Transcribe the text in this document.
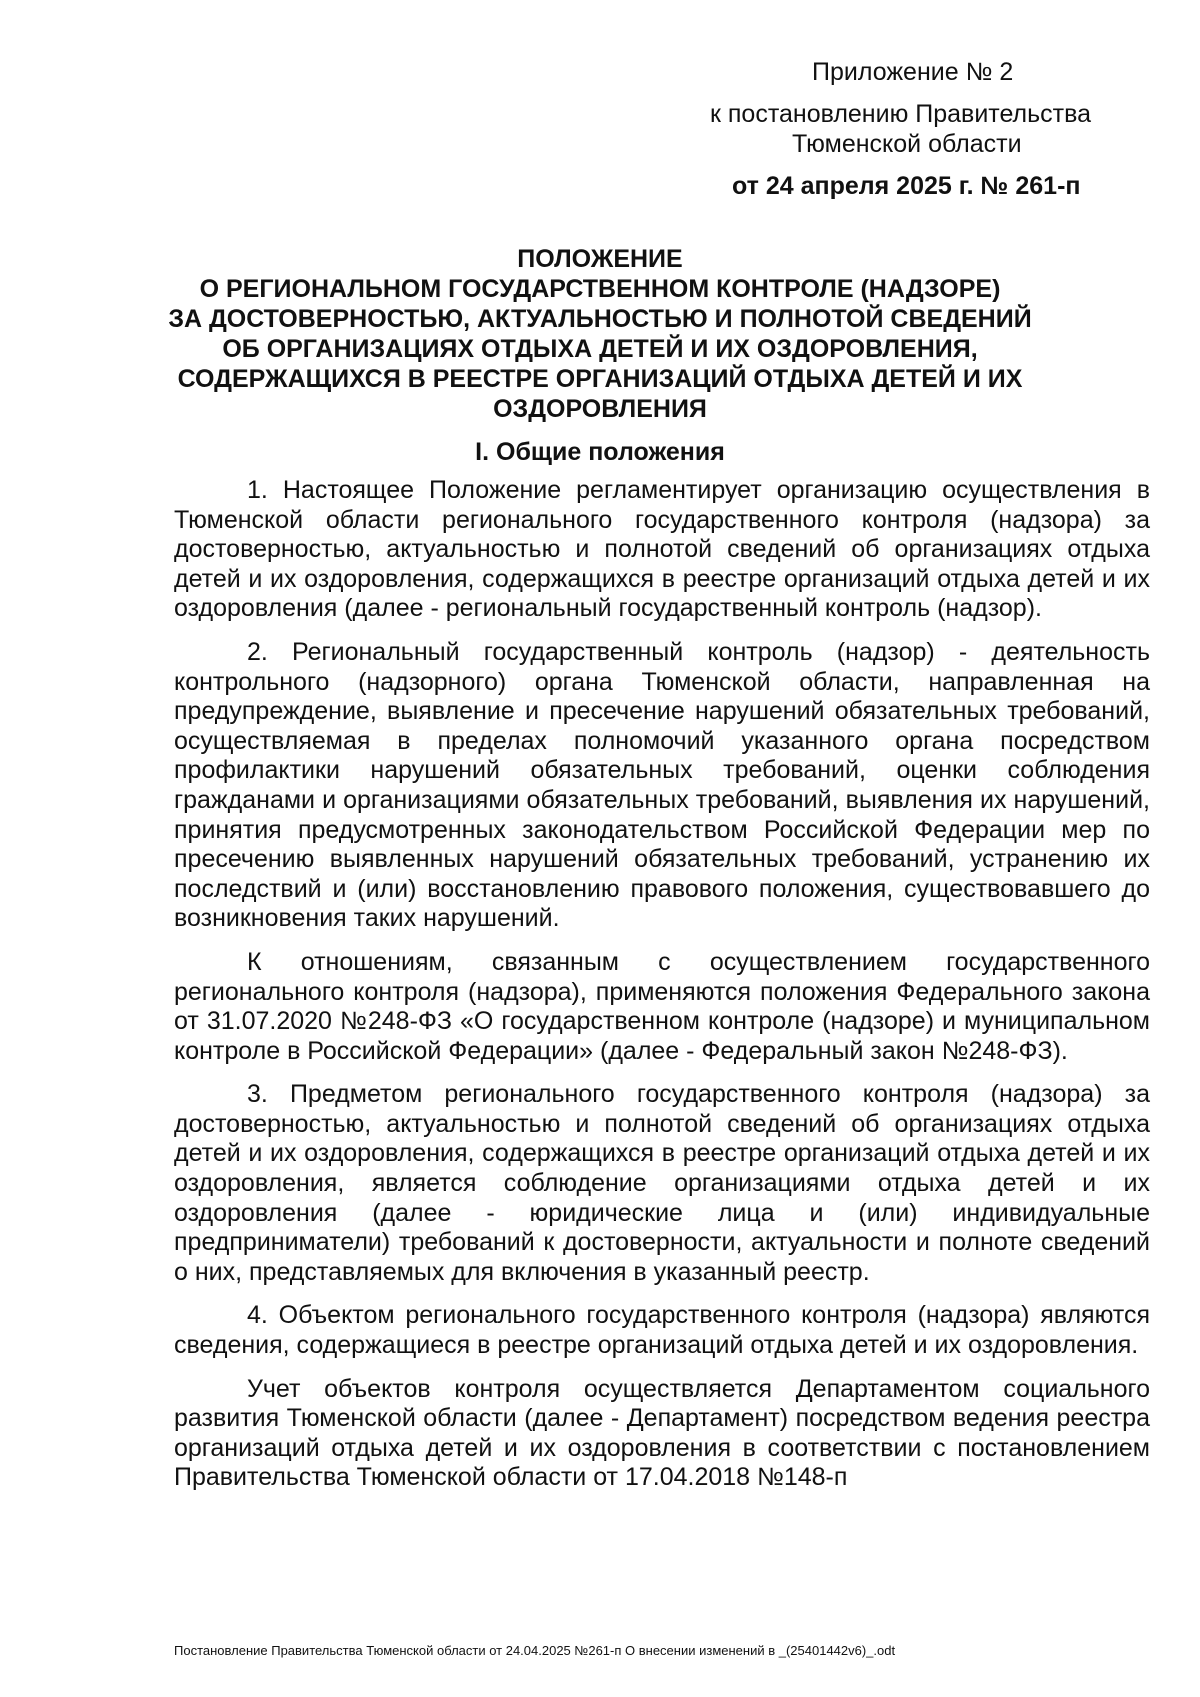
Приложение № 2
к постановлению Правительства
Тюменской области
от 24 апреля 2025 г. № 261-п
ПОЛОЖЕНИЕ
О РЕГИОНАЛЬНОМ ГОСУДАРСТВЕННОМ КОНТРОЛЕ (НАДЗОРЕ)
ЗА ДОСТОВЕРНОСТЬЮ, АКТУАЛЬНОСТЬЮ И ПОЛНОТОЙ СВЕДЕНИЙ
ОБ ОРГАНИЗАЦИЯХ ОТДЫХА ДЕТЕЙ И ИХ ОЗДОРОВЛЕНИЯ,
СОДЕРЖАЩИХСЯ В РЕЕСТРЕ ОРГАНИЗАЦИЙ ОТДЫХА ДЕТЕЙ И ИХ
ОЗДОРОВЛЕНИЯ
I. Общие положения

1. Настоящее Положение регламентирует организацию осуществления в Тюменской области регионального государственного контроля (надзора) за достоверностью, актуальностью и полнотой сведений об организациях отдыха детей и их оздоровления, содержащихся в реестре организаций отдыха детей и их оздоровления (далее - региональный государственный контроль (надзор).

2. Региональный государственный контроль (надзор) - деятельность контрольного (надзорного) органа Тюменской области, направленная на предупреждение, выявление и пресечение нарушений обязательных требований, осуществляемая в пределах полномочий указанного органа посредством профилактики нарушений обязательных требований, оценки соблюдения гражданами и организациями обязательных требований, выявления их нарушений, принятия предусмотренных законодательством Российской Федерации мер по пресечению выявленных нарушений обязательных требований, устранению их последствий и (или) восстановлению правового положения, существовавшего до возникновения таких нарушений.

К отношениям, связанным с осуществлением государственного регионального контроля (надзора), применяются положения Федерального закона от 31.07.2020 №248-ФЗ «О государственном контроле (надзоре) и муниципальном контроле в Российской Федерации» (далее - Федеральный закон №248-ФЗ).

3. Предметом регионального государственного контроля (надзора) за достоверностью, актуальностью и полнотой сведений об организациях отдыха детей и их оздоровления, содержащихся в реестре организаций отдыха детей и их оздоровления, является соблюдение организациями отдыха детей и их оздоровления (далее - юридические лица и (или) индивидуальные предприниматели) требований к достоверности, актуальности и полноте сведений о них, представляемых для включения в указанный реестр.

4. Объектом регионального государственного контроля (надзора) являются сведения, содержащиеся в реестре организаций отдыха детей и их оздоровления.

Учет объектов контроля осуществляется Департаментом социального развития Тюменской области (далее - Департамент) посредством ведения реестра организаций отдыха детей и их оздоровления в соответствии с постановлением Правительства Тюменской области от 17.04.2018 №148-п

Постановление Правительства Тюменской области от 24.04.2025 №261-п О внесении изменений в _(25401442v6)_.odt
